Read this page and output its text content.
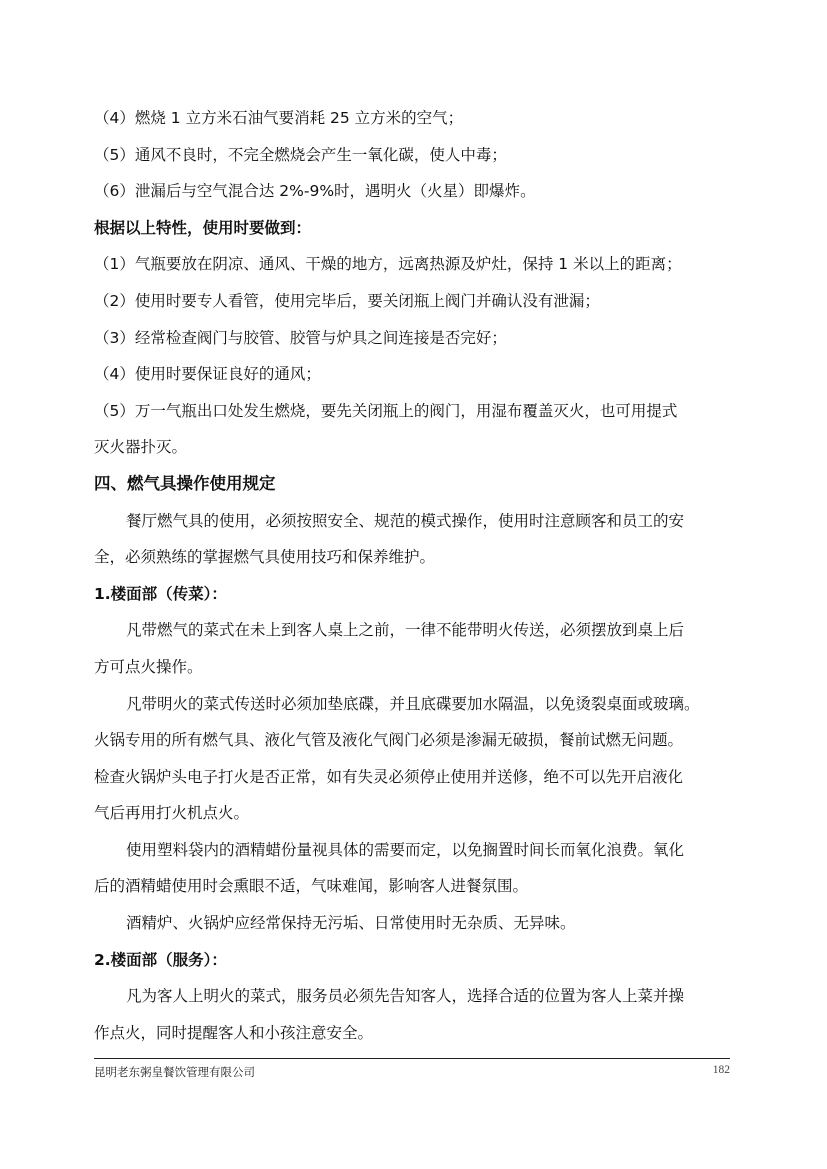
（4）燃烧 1 立方米石油气要消耗 25 立方米的空气；
（5）通风不良时，不完全燃烧会产生一氧化碳，使人中毒；
（6）泄漏后与空气混合达 2%-9%时，遇明火（火星）即爆炸。
根据以上特性，使用时要做到：
（1）气瓶要放在阴凉、通风、干燥的地方，远离热源及炉灶，保持 1 米以上的距离；
（2）使用时要专人看管，使用完毕后，要关闭瓶上阀门并确认没有泄漏；
（3）经常检查阀门与胶管、胶管与炉具之间连接是否完好；
（4）使用时要保证良好的通风；
（5）万一气瓶出口处发生燃烧，要先关闭瓶上的阀门，用湿布覆盖灭火，也可用提式
灭火器扑灭。
四、燃气具操作使用规定
餐厅燃气具的使用，必须按照安全、规范的模式操作，使用时注意顾客和员工的安
全，必须熟练的掌握燃气具使用技巧和保养维护。
1.楼面部（传菜）：
凡带燃气的菜式在未上到客人桌上之前，一律不能带明火传送，必须摆放到桌上后
方可点火操作。
凡带明火的菜式传送时必须加垫底碟，并且底碟要加水隔温，以免烫裂桌面或玻璃。
火锅专用的所有燃气具、液化气管及液化气阀门必须是渗漏无破损，餐前试燃无问题。
检查火锅炉头电子打火是否正常，如有失灵必须停止使用并送修，绝不可以先开启液化
气后再用打火机点火。
使用塑料袋内的酒精蜡份量视具体的需要而定，以免搁置时间长而氧化浪费。氧化
后的酒精蜡使用时会熏眼不适，气味难闻，影响客人进餐氛围。
酒精炉、火锅炉应经常保持无污垢、日常使用时无杂质、无异味。
2.楼面部（服务）：
凡为客人上明火的菜式，服务员必须先告知客人，选择合适的位置为客人上菜并操
作点火，同时提醒客人和小孩注意安全。
昆明老东粥皇餐饮管理有限公司	182
